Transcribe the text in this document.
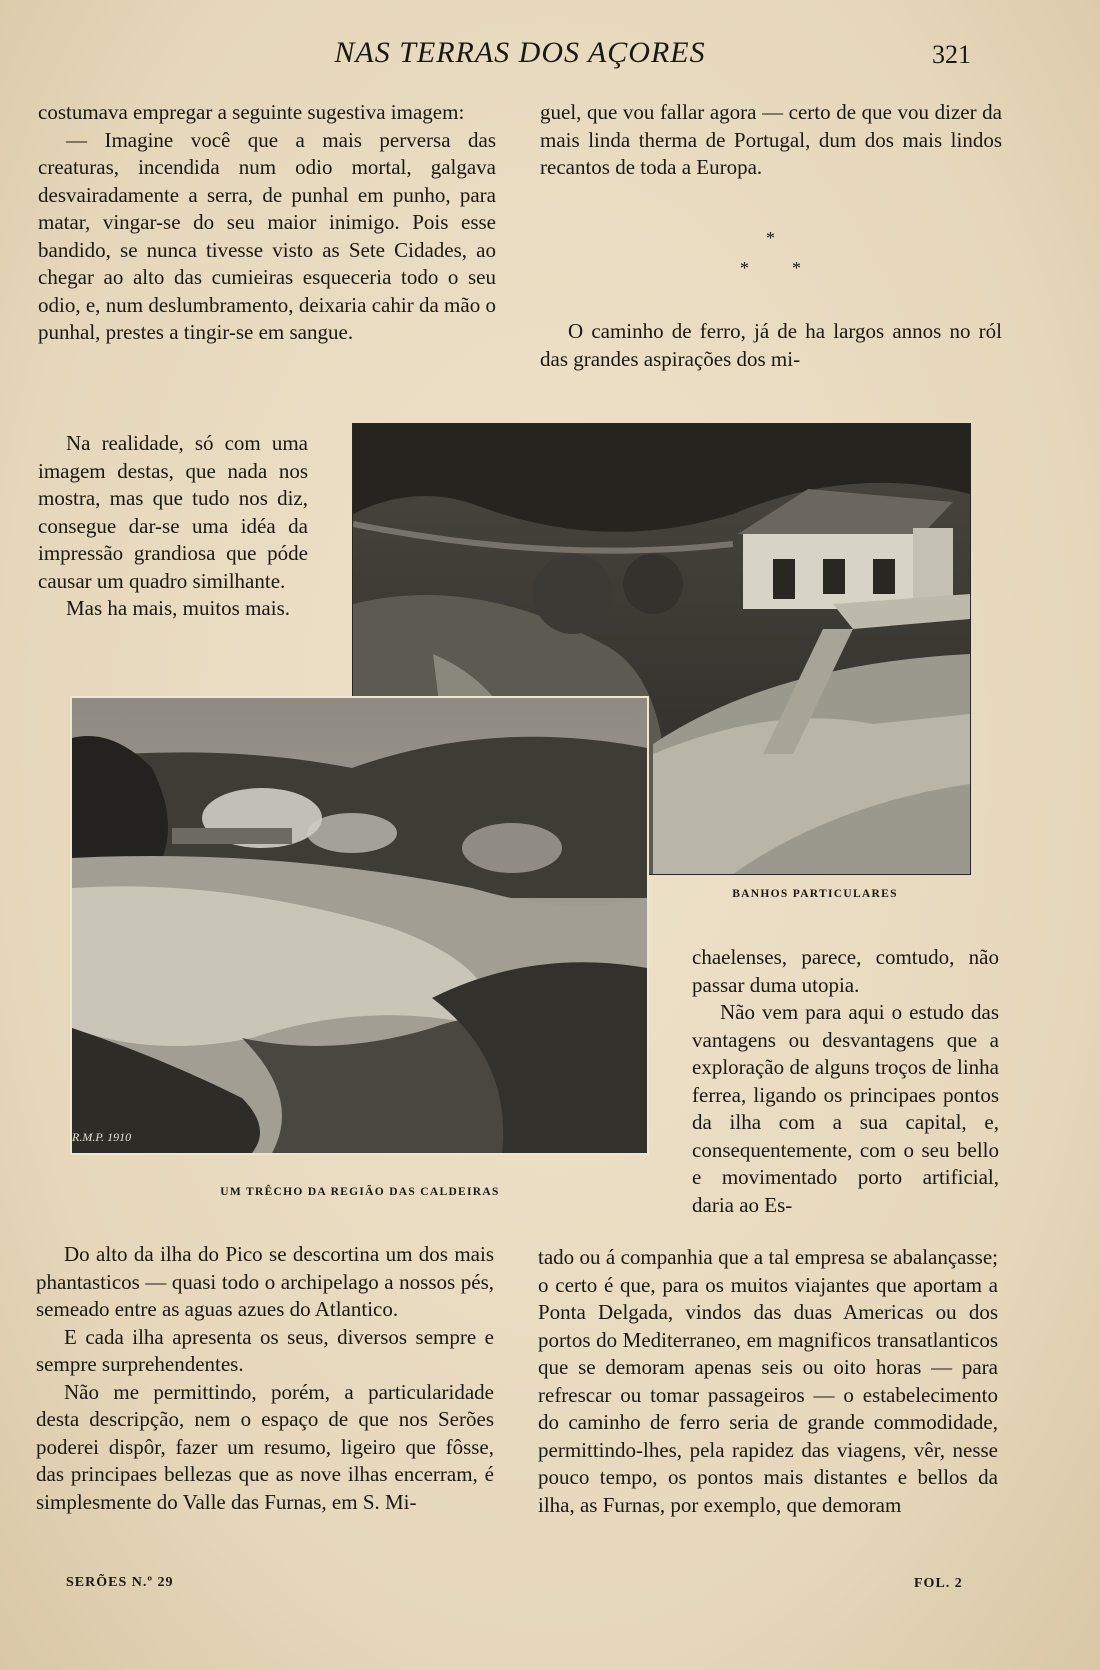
NAS TERRAS DOS AÇORES	321

costumava empregar a seguinte sugestiva imagem:

— Imagine você que a mais perversa das creaturas, incendida num odio mortal, galgava desvairadamente a serra, de punhal em punho, para matar, vingar-se do seu maior inimigo. Pois esse bandido, se nunca tivesse visto as Sete Cidades, ao chegar ao alto das cumieiras esqueceria todo o seu odio, e, num deslumbramento, deixaria cahir da mão o punhal, prestes a tingir-se em sangue.

Na realidade, só com uma imagem destas, que nada nos mostra, mas que tudo nos diz, consegue dar-se uma idéa da impressão grandiosa que póde causar um quadro similhante.

Mas ha mais, muitos mais.

guel, que vou fallar agora — certo de que vou dizer da mais linda therma de Portugal, dum dos mais lindos recantos de toda a Europa.

*
* *

O caminho de ferro, já de ha largos annos no ról das grandes aspirações dos mi-

BANHOS PARTICULARES
R.M.P. 1910
UM TRÊCHO DA REGIÃO DAS CALDEIRAS

chaelenses, parece, comtudo, não passar duma utopia.

Não vem para aqui o estudo das vantagens ou desvantagens que a exploração de alguns troços de linha ferrea, ligando os principaes pontos da ilha com a sua capital, e, consequentemente, com o seu bello e movimentado porto artificial, daria ao Es-

Do alto da ilha do Pico se descortina um dos mais phantasticos — quasi todo o archipelago a nossos pés, semeado entre as aguas azues do Atlantico.

E cada ilha apresenta os seus, diversos sempre e sempre surprehendentes.

Não me permittindo, porém, a particularidade desta descripção, nem o espaço de que nos Serões poderei dispôr, fazer um resumo, ligeiro que fôsse, das principaes bellezas que as nove ilhas encerram, é simplesmente do Valle das Furnas, em S. Mi-

tado ou á companhia que a tal empresa se abalançasse; o certo é que, para os muitos viajantes que aportam a Ponta Delgada, vindos das duas Americas ou dos portos do Mediterraneo, em magnificos transatlanticos que se demoram apenas seis ou oito horas — para refrescar ou tomar passageiros — o estabelecimento do caminho de ferro seria de grande commodidade, permittindo-lhes, pela rapidez das viagens, vêr, nesse pouco tempo, os pontos mais distantes e bellos da ilha, as Furnas, por exemplo, que demoram

SERÕES N.º 29	FOL. 2
